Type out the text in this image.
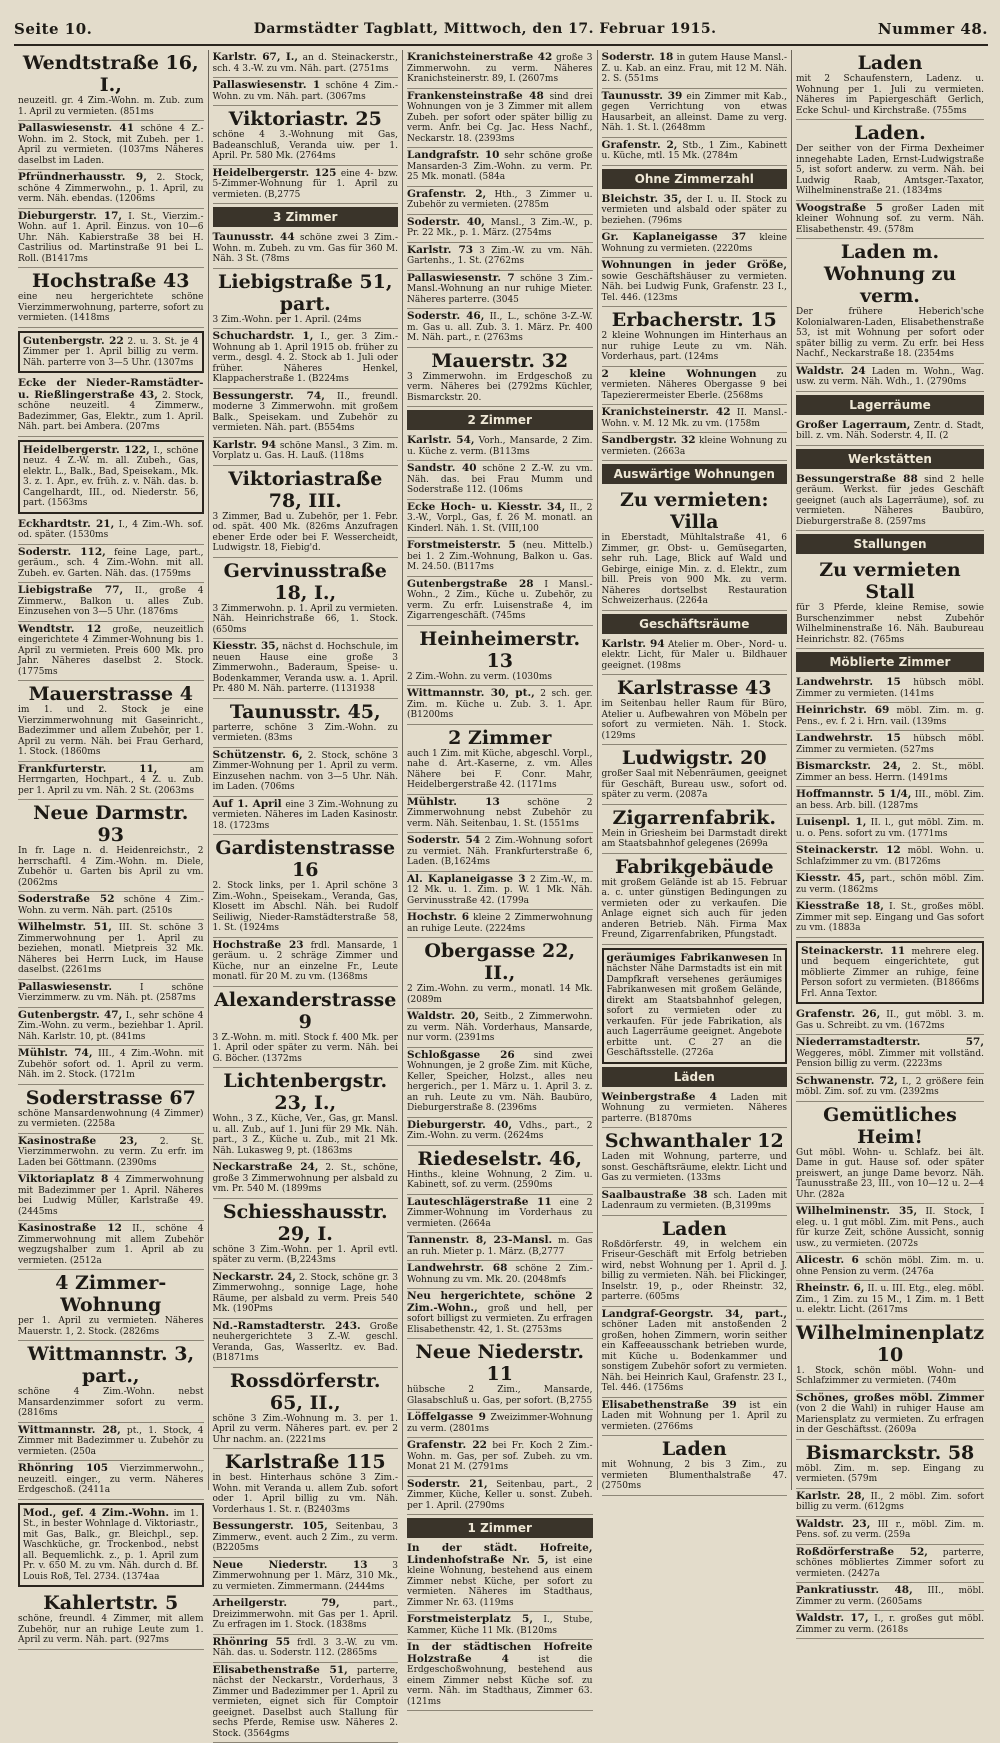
Seite 10.	Darmstädter Tagblatt, Mittwoch, den 17. Februar 1915.	Nummer 48.
Wendtstraße 16, I.,
neuzeitl. gr. 4 Zim.-Wohn. m. Zub. zum 1. April zu vermieten. (851ms
Pallaswiesenstr. 41 schöne 4 Z.-Wohn. im 2. Stock, mit Zubeh. per 1. April zu vermieten. (1037ms Näheres daselbst im Laden.
Pfründnerhausstr. 9, 2. Stock, schöne 4 Zimmerwohn., p. 1. April, zu verm. Näh. ebendas. (1206ms
Dieburgerstr. 17, I. St., Vierzim.-Wohn. auf 1. April. Einzus. von 10—6 Uhr. Näh. Kabierstraße 38 bei H. Castrilius od. Martinstraße 91 bei L. Roll. (B1417ms
Hochstraße 43
eine neu hergerichtete schöne Vierzimmerwohnung, parterre, sofort zu vermieten. (1418ms
Gutenbergstr. 22 2. u. 3. St. je 4 Zimmer per 1. April billig zu verm. Näh. parterre von 3—5 Uhr. (1307ms
Ecke der Nieder-Ramstädter- u. Rießlingerstraße 43, 2. Stock, schöne neuzeitl. 4 Zimmerw., Badezimmer, Gas, Elektr., zum 1. April. Näh. part. bei Ambera. (207ms
Heidelbergerstr. 122, I., schöne neuz. 4 Z.-W. m. all. Zubeh., Gas, elektr. L., Balk., Bad, Speisekam., Mk. 3. z. 1. Apr., ev. früh. z. v. Näh. das. b. Cangelhardt, III., od. Niederstr. 56, part. (1563ms
Eckhardtstr. 21, I., 4 Zim.-Wh. sof. od. später. (1530ms
Soderstr. 112, feine Lage, part., geräum., sch. 4 Zim.-Wohn. mit all. Zubeh. ev. Garten. Näh. das. (1759ms
Liebigstraße 77, II., große 4 Zimmerw., Balkon u. alles Zub. Einzusehen von 3—5 Uhr. (1876ms
Wendtstr. 12 große, neuzeitlich eingerichtete 4 Zimmer-Wohnung bis 1. April zu vermieten. Preis 600 Mk. pro Jahr. Näheres daselbst 2. Stock. (1775ms
Mauerstrasse 4
im 1. und 2. Stock je eine Vierzimmerwohnung mit Gaseinricht., Badezimmer und allem Zubehör, per 1. April zu verm. Näh. bei Frau Gerhard, 1. Stock. (1860ms
Frankfurterstr. 11, am Herrngarten, Hochpart., 4 Z. u. Zub. per 1. April zu vm. Näh. 2 St. (2063ms
Neue Darmstr. 93
In fr. Lage n. d. Heidenreichstr., 2 herrschaftl. 4 Zim.-Wohn. m. Diele, Zubehör u. Garten bis April zu vm. (2062ms
Soderstraße 52 schöne 4 Zim.-Wohn. zu verm. Näh. part. (2510s
Wilhelmstr. 51, III. St. schöne 3 Zimmerwohnung per 1. April zu beziehen, monatl. Mietpreis 32 Mk. Näheres bei Herrn Luck, im Hause daselbst. (2261ms
Pallaswiesenstr. I schöne Vierzimmerw. zu vm. Näh. pt. (2587ms
Gutenbergstr. 47, I., sehr schöne 4 Zim.-Wohn. zu verm., beziehbar 1. April. Näh. Karlstr. 10, pt. (841ms
Mühlstr. 74, III., 4 Zim.-Wohn. mit Zubehör sofort od. 1. April zu verm. Näh. im 2. Stock. (1721m
Soderstrasse 67
schöne Mansardenwohnung (4 Zimmer) zu vermieten. (2258a
Kasinostraße 23, 2. St. Vierzimmerwohn. zu verm. Zu erfr. im Laden bei Göttmann. (2390ms
Viktoriaplatz 8 4 Zimmerwohnung mit Badezimmer per 1. April. Näheres bei Ludwig Müller, Karlstraße 49. (2445ms
Kasinostraße 12 II., schöne 4 Zimmerwohnung mit allem Zubehör wegzugshalber zum 1. April ab zu vermieten. (2512a
4 Zimmer-Wohnung
per 1. April zu vermieten. Näheres Mauerstr. 1, 2. Stock. (2826ms
Wittmannstr. 3, part.,
schöne 4 Zim.-Wohn. nebst Mansardenzimmer sofort zu verm. (2816ms
Wittmannstr. 28, pt., 1. Stock, 4 Zimmer mit Badezimmer u. Zubehör zu vermieten. (250a
Rhönring 105 Vierzimmerwohn., neuzeitl. einger., zu verm. Näheres Erdgeschoß. (2411a
Mod., gef. 4 Zim.-Wohn. im 1. St., in bester Wohnlage d. Viktoriastr., mit Gas, Balk., gr. Bleichpl., sep. Waschküche, gr. Trockenbod., nebst all. Bequemlichk. z., p. 1. April zum Pr. v. 650 M. zu vm. Näh. durch d. Bf. Louis Roß, Tel. 2734. (1374aa
Kahlertstr. 5
schöne, freundl. 4 Zimmer, mit allem Zubehör, nur an ruhige Leute zum 1. April zu verm. Näh. part. (927ms
Karlstr. 67, I., an d. Steinackerstr., sch. 4 3.-W. zu vm. Näh. part. (2751ms
Pallaswiesenstr. 1 schöne 4 Zim.-Wohn. zu vm. Näh. part. (3067ms
Viktoriastr. 25
schöne 4 3.-Wohnung mit Gas, Badeanschluß, Veranda uiw. per 1. April. Pr. 580 Mk. (2764ms
Heidelbergerstr. 125 eine 4- bzw. 5-Zimmer-Wohnung für 1. April zu vermieten. (B,2775
3 Zimmer
Taunusstr. 44 schöne zwei 3 Zim.-Wohn. m. Zubeh. zu vm. Gas für 360 M. Näh. 3 St. (78ms
Liebigstraße 51, part.
3 Zim.-Wohn. per 1. April. (24ms
Schuchardstr. 1, I., ger. 3 Zim.-Wohnung ab 1. April 1915 ob. früher zu verm., desgl. 4. 2. Stock ab 1. Juli oder früher. Näheres Henkel, Klappacherstraße 1. (B224ms
Bessungerstr. 74, II., freundl. moderne 3 Zimmerwohn. mit großem Balk., Speisekam. und Zubehör zu vermieten. Näh. part. (B554ms
Karlstr. 94 schöne Mansl., 3 Zim. m. Vorplatz u. Gas. H. Lauß. (118ms
Viktoriastraße 78, III.
3 Zimmer, Bad u. Zubehör, per 1. Febr. od. spät. 400 Mk. (826ms Anzufragen ebener Erde oder bei F. Wessercheidt, Ludwigstr. 18, Fiebig'd.
Gervinusstraße 18, I.,
3 Zimmerwohn. p. 1. April zu vermieten. Näh. Heinrichstraße 66, 1. Stock. (650ms
Kiesstr. 35, nächst d. Hochschule, im neuen Hause eine große 3 Zimmerwohn., Baderaum, Speise- u. Bodenkammer, Veranda usw. a. 1. April. Pr. 480 M. Näh. parterre. (1131938
Taunusstr. 45,
parterre, schöne 3 Zim.-Wohn. zu vermieten. (83ms
Schützenstr. 6, 2. Stock, schöne 3 Zimmer-Wohnung per 1. April zu verm. Einzusehen nachm. von 3—5 Uhr. Näh. im Laden. (706ms
Auf 1. April eine 3 Zim.-Wohnung zu vermieten. Näheres im Laden Kasinostr. 18. (1723ms
Gardistenstrasse 16
2. Stock links, per 1. April schöne 3 Zim.-Wohn., Speisekam., Veranda, Gas, Klosett im Abschl. Näh. bei Rudolf Seiliwig, Nieder-Ramstädterstraße 58, 1. St. (1924ms
Hochstraße 23 frdl. Mansarde, 1 geräum. u. 2 schräge Zimmer und Küche, nur an einzelne Fr., Leute monatl. für 20 M. zu vm. (1368ms
Alexanderstrasse 9
3 Z.-Wohn. m. mitl. Stock f. 400 Mk. per 1. April oder später zu verm. Näh. bei G. Böcher. (1372ms
Lichtenbergstr. 23, I.,
Wohn., 3 Z., Küche, Ver., Gas, gr. Mansl. u. all. Zub., auf 1. Juni für 29 Mk. Näh. part., 3 Z., Küche u. Zub., mit 21 Mk. Näh. Lukasweg 9, pt. (1863ms
Neckarstraße 24, 2. St., schöne, große 3 Zimmerwohnung per alsbald zu vm. Pr. 540 M. (1899ms
Schiesshausstr. 29, I.
schöne 3 Zim.-Wohn. per 1. April evtl. später zu verm. (B,2243ms
Neckarstr. 24, 2. Stock, schöne gr. 3 Zimmerwohng., sonnige Lage, hohe Räume, per alsbald zu verm. Preis 540 Mk. (190Pms
Nd.-Ramstadterstr. 243. Große neuhergerichtete 3 Z.-W. geschl. Veranda, Gas, Wasserltz. ev. Bad. (B1871ms
Rossdörferstr. 65, II.,
schöne 3 Zim.-Wohnung m. 3. per 1. April zu verm. Näheres part. ev. per 2 Uhr nachm. an. (2221ms
Karlstraße 115
in best. Hinterhaus schöne 3 Zim.-Wohn. mit Veranda u. allem Zub. sofort oder 1. April billig zu vm. Näh. Vorderhaus 1. St. r. (B2403ms
Bessungerstr. 105, Seitenbau, 3 Zimmerw., event. auch 2 Zim., zu verm. (B2205ms
Neue Niederstr. 13 3 Zimmerwohnung per 1. März, 310 Mk., zu vermieten. Zimmermann. (2444ms
Arheilgerstr. 79, part., Dreizimmerwohn. mit Gas per 1. April. Zu erfragen im 1. Stock. (1838ms
Rhönring 55 frdl. 3 3.-W. zu vm. Näh. das. u. Soderstr. 112. (2865ms
Elisabethenstraße 51, parterre, nächst der Neckarstr., Vorderhaus, 3 Zimmer und Badezimmer per 1. April zu vermieten, eignet sich für Comptoir geeignet. Daselbst auch Stallung für sechs Pferde, Remise usw. Näheres 2. Stock. (3564gms
Kranichsteinerstraße 42 große 3 Zimmerwohn. zu verm. Näheres Kranichsteinerstr. 89, I. (2607ms
Frankensteinstraße 48 sind drei Wohnungen von je 3 Zimmer mit allem Zubeh. per sofort oder später billig zu verm. Anfr. bei Cg. Jac. Hess Nachf., Neckarstr. 18. (2393ms
Landgrafstr. 10 sehr schöne große Mansarden-3 Zim.-Wohn. zu verm. Pr. 25 Mk. monatl. (584a
Grafenstr. 2, Hth., 3 Zimmer u. Zubehör zu vermieten. (2785m
Soderstr. 40, Mansl., 3 Zim.-W., p. Pr. 22 Mk., p. 1. März. (2754ms
Karlstr. 73 3 Zim.-W. zu vm. Näh. Gartenhs., 1. St. (2762ms
Pallaswiesenstr. 7 schöne 3 Zim.-Mansl.-Wohnung an nur ruhige Mieter. Näheres parterre. (3045
Soderstr. 46, II., L., schöne 3-Z.-W. m. Gas u. all. Zub. 3. 1. März. Pr. 400 M. Näh. part., r. (2763ms
Mauerstr. 32
3 Zimmerwohn. im Erdgeschoß zu verm. Näheres bei (2792ms Küchler, Bismarckstr. 20.
2 Zimmer
Karlstr. 54, Vorh., Mansarde, 2 Zim. u. Küche z. verm. (B113ms
Sandstr. 40 schöne 2 Z.-W. zu vm. Näh. das. bei Frau Mumm und Soderstraße 112. (106ms
Ecke Hoch- u. Kiesstr. 34, II., 2 3.-W., Vorpl., Gas, f. 26 M. monatl. an Kinderl. Näh. 1. St. (VIII,100
Forstmeisterstr. 5 (neu. Mittelb.) bei 1. 2 Zim.-Wohnung, Balkon u. Gas. M. 24.50. (B117ms
Gutenbergstraße 28 I Mansl.-Wohn., 2 Zim., Küche u. Zubehör, zu verm. Zu erfr. Luisenstraße 4, im Zigarrengeschäft. (745ms
Heinheimerstr. 13
2 Zim.-Wohn. zu verm. (1030ms
Wittmannstr. 30, pt., 2 sch. ger. Zim. m. Küche u. Zub. 3. 1. Apr. (B1200ms
2 Zimmer
auch 1 Zim. mit Küche, abgeschl. Vorpl., nahe d. Art.-Kaserne, z. vm. Alles Nähere bei F. Conr. Mahr, Heidelbergerstraße 42. (1171ms
Mühlstr. 13 schöne 2 Zimmerwohnung nebst Zubehör zu verm. Näh. Seitenbau, 1. St. (1551ms
Soderstr. 54 2 Zim.-Wohnung sofort zu vermiet. Näh. Frankfurterstraße 6, Laden. (B,1624ms
Al. Kaplaneigasse 3 2 Zim.-W., m. 12 Mk. u. 1. Zim. p. W. 1 Mk. Näh. Gervinusstraße 42. (1799a
Hochstr. 6 kleine 2 Zimmerwohnung an ruhige Leute. (2224ms
Obergasse 22, II.,
2 Zim.-Wohn. zu verm., monatl. 14 Mk. (2089m
Waldstr. 20, Seitb., 2 Zimmerwohn. zu verm. Näh. Vorderhaus, Mansarde, nur vorm. (2391ms
Schloßgasse 26 sind zwei Wohnungen, je 2 große Zim. mit Küche, Keller, Speicher, Holzst., alles neu hergerich., per 1. März u. 1. April 3. z. an ruh. Leute zu vm. Näh. Baubüro, Dieburgerstraße 8. (2396ms
Dieburgerstr. 40, Vdhs., part., 2 Zim.-Wohn. zu verm. (2624ms
Riedeselstr. 46,
Hinths., kleine Wohnung, 2 Zim. u. Kabinett, sof. zu verm. (2590ms
Lauteschlägerstraße 11 eine 2 Zimmer-Wohnung im Vorderhaus zu vermieten. (2664a
Tannenstr. 8, 23-Mansl. m. Gas an ruh. Mieter p. 1. März. (B,2777
Landwehrstr. 68 schöne 2 Zim.-Wohnung zu vm. Mk. 20. (2048mfs
Neu hergerichtete, schöne 2 Zim.-Wohn., groß und hell, per sofort billigst zu vermieten. Zu erfragen Elisabethenstr. 42, 1. St. (2753ms
Neue Niederstr. 11
hübsche 2 Zim., Mansarde, Glasabschluß u. Gas, per sofort. (B,2755
Löffelgasse 9 Zweizimmer-Wohnung zu verm. (2801ms
Grafenstr. 22 bei Fr. Koch 2 Zim.-Wohn. m. Gas, per sof. Zubeh. zu vm. Monat 21 M. (2791ms
Soderstr. 21, Seitenbau, part., 2 Zimmer, Küche, Keller u. sonst. Zubeh. per 1. April. (2790ms
1 Zimmer
In der städt. Hofreite, Lindenhofstraße Nr. 5, ist eine kleine Wohnung, bestehend aus einem Zimmer nebst Küche, per sofort zu vermieten. Näheres im Stadthaus, Zimmer Nr. 63. (119ms
Forstmeisterplatz 5, I., Stube, Kammer, Küche 11 Mk. (B120ms
In der städtischen Hofreite Holzstraße 4 ist die Erdgeschoßwohnung, bestehend aus einem Zimmer nebst Küche sof. zu verm. Näh. im Stadthaus, Zimmer 63. (121ms
Soderstr. 18 in gutem Hause Mansl.-Z. u. Kab. an einz. Frau, mit 12 M. Näh. 2. S. (551ms
Taunusstr. 39 ein Zimmer mit Kab., gegen Verrichtung von etwas Hausarbeit, an alleinst. Dame zu verg. Näh. 1. St. l. (2648mm
Grafenstr. 2, Stb., 1 Zim., Kabinett u. Küche, mtl. 15 Mk. (2784m
Ohne Zimmerzahl
Bleichstr. 35, der I. u. II. Stock zu vermieten und alsbald oder später zu beziehen. (796ms
Gr. Kaplaneigasse 37 kleine Wohnung zu vermieten. (2220ms
Wohnungen in jeder Größe, sowie Geschäftshäuser zu vermieten. Näh. bei Ludwig Funk, Grafenstr. 23 I., Tel. 446. (123ms
Erbacherstr. 15
2 kleine Wohnungen im Hinterhaus an nur ruhige Leute zu vm. Näh. Vorderhaus, part. (124ms
2 kleine Wohnungen zu vermieten. Näheres Obergasse 9 bei Tapezierermeister Eberle. (2568ms
Kranichsteinerstr. 42 II. Mansl.-Wohn. v. M. 12 Mk. zu vm. (1758m
Sandbergstr. 32 kleine Wohnung zu vermieten. (2663a
Auswärtige Wohnungen
Zu vermieten: Villa
in Eberstadt, Mühltalstraße 41, 6 Zimmer, gr. Obst- u. Gemüsegarten, sehr ruh. Lage, Blick auf Wald und Gebirge, einige Min. z. d. Elektr., zum bill. Preis von 900 Mk. zu verm. Näheres dortselbst Restauration Schweizerhaus. (2264a
Geschäftsräume
Karlstr. 94 Atelier m. Ober-, Nord- u. elektr. Licht, für Maler u. Bildhauer geeignet. (198ms
Karlstrasse 43
im Seitenbau heller Raum für Büro, Atelier u. Aufbewahren von Möbeln per sofort zu vermieten. Näh. 1. Stock. (129ms
Ludwigstr. 20
großer Saal mit Nebenräumen, geeignet für Geschäft, Bureau usw., sofort od. später zu verm. (2087a
Zigarrenfabrik.
Mein in Griesheim bei Darmstadt direkt am Staatsbahnhof gelegenes (2699a
Fabrikgebäude
mit großem Gelände ist ab 15. Februar a. c. unter günstigen Bedingungen zu vermieten oder zu verkaufen. Die Anlage eignet sich auch für jeden anderen Betrieb. Näh. Firma Max Freund, Zigarrenfabriken, Pfungstadt.
geräumiges Fabrikanwesen In nächster Nähe Darmstadts ist ein mit Dampfkraft versehenes geräumiges Fabrikanwesen mit großem Gelände, direkt am Staatsbahnhof gelegen, sofort zu vermieten oder zu verkaufen. Für jede Fabrikation, als auch Lagerräume geeignet. Angebote erbitte unt. C 27 an die Geschäftsstelle. (2726a
Läden
Weinbergstraße 4 Laden mit Wohnung zu vermieten. Näheres parterre. (B1870ms
Schwanthaler 12
Laden mit Wohnung, parterre, und sonst. Geschäftsräume, elektr. Licht und Gas zu vermieten. (133ms
Saalbaustraße 38 sch. Laden mit Ladenraum zu vermieten. (B,3199ms
Laden
Roßdörferstr. 49, in welchem ein Friseur-Geschäft mit Erfolg betrieben wird, nebst Wohnung per 1. April d. J. billig zu vermieten. Näh. bei Flickinger, Inselstr. 19, p., oder Rheinstr. 32, parterre. (605ms
Landgraf-Georgstr. 34, part., schöner Laden mit anstoßenden 2 großen, hohen Zimmern, worin seither ein Kaffeeausschank betrieben wurde, mit Küche u. Bodenkammer und sonstigem Zubehör sofort zu vermieten. Näh. bei Heinrich Kaul, Grafenstr. 23 I., Tel. 446. (1756ms
Elisabethenstraße 39 ist ein Laden mit Wohnung per 1. April zu vermieten. (2766ms
Laden
mit Wohnung, 2 bis 3 Zim., zu vermieten Blumenthalstraße 47. (2750ms
Laden
mit 2 Schaufenstern, Ladenz. u. Wohnung per 1. Juli zu vermieten. Näheres im Papiergeschäft Gerlich, Ecke Schul- und Kirchstraße. (755ms
Laden.
Der seither von der Firma Dexheimer innegehabte Laden, Ernst-Ludwigstraße 5, ist sofort anderw. zu verm. Näh. bei Ludwig Raab, Amtsger.-Taxator, Wilhelminenstraße 21. (1834ms
Woogstraße 5 großer Laden mit kleiner Wohnung sof. zu verm. Näh. Elisabethenstr. 49. (578m
Laden m. Wohnung zu verm.
Der frühere Heberich'sche Kolonialwaren-Laden, Elisabethenstraße 53, ist mit Wohnung per sofort oder später billig zu verm. Zu erfr. bei Hess Nachf., Neckarstraße 18. (2354ms
Waldstr. 24 Laden m. Wohn., Wag. usw. zu verm. Näh. Wdh., 1. (2790ms
Lagerräume
Großer Lagerraum, Zentr. d. Stadt, bill. z. vm. Näh. Soderstr. 4, II. (2
Werkstätten
Bessungerstraße 88 sind 2 helle geräum. Werkst. für jedes Geschäft geeignet (auch als Lagerräume), sof. zu vermieten. Näheres Baubüro, Dieburgerstraße 8. (2597ms
Stallungen
Zu vermieten Stall
für 3 Pferde, kleine Remise, sowie Burschenzimmer nebst Zubehör Wilhelminenstraße 16. Näh. Baubureau Heinrichstr. 82. (765ms
Möblierte Zimmer
Landwehrstr. 15 hübsch möbl. Zimmer zu vermieten. (141ms
Heinrichstr. 69 möbl. Zim. m. g. Pens., ev. f. 2 i. Hrn. vail. (139ms
Landwehrstr. 15 hübsch möbl. Zimmer zu vermieten. (527ms
Bismarckstr. 24, 2. St., möbl. Zimmer an bess. Herrn. (1491ms
Hoffmannstr. 5 1/4, III., möbl. Zim. an bess. Arb. bill. (1287ms
Luisenpl. 1, II. l., gut möbl. Zim. m. u. o. Pens. sofort zu vm. (1771ms
Steinackerstr. 12 möbl. Wohn. u. Schlafzimmer zu vm. (B1726ms
Kiesstr. 45, part., schön möbl. Zim. zu verm. (1862ms
Kiesstraße 18, I. St., großes möbl. Zimmer mit sep. Eingang und Gas sofort zu vm. (1883a
Steinackerstr. 11 mehrere eleg. und bequem eingerichtete, gut möblierte Zimmer an ruhige, feine Person sofort zu vermieten. (B1866ms Frl. Anna Textor.
Grafenstr. 26, II., gut möbl. 3. m. Gas u. Schreibt. zu vm. (1672ms
Niederramstadterstr. 57, Weggeres, möbl. Zimmer mit vollständ. Pension billig zu verm. (2223ms
Schwanenstr. 72, I., 2 größere fein möbl. Zim. sof. zu vm. (2392ms
Gemütliches Heim!
Gut möbl. Wohn- u. Schlafz. bei ält. Dame in gut. Hause sof. oder später preiswert, an junge Dame bevorz. Näh. Taunusstraße 23, III., von 10—12 u. 2—4 Uhr. (282a
Wilhelminenstr. 35, II. Stock, I eleg. u. 1 gut möbl. Zim. mit Pens., auch für kurze Zeit, schöne Aussicht, sonnig usw., zu vermieten. (2072s
Alicestr. 6 schön möbl. Zim. m. u. ohne Pension zu verm. (2476a
Rheinstr. 6, II. u. III. Etg., eleg. möbl. Zim., 1 Zim. zu 15 M., 1 Zim. m. 1 Bett u. elektr. Licht. (2617ms
Wilhelminenplatz 10
1. Stock, schön möbl. Wohn- und Schlafzimmer zu vermieten. (740m
Schönes, großes möbl. Zimmer (von 2 die Wahl) in ruhiger Hause am Mariensplatz zu vermieten. Zu erfragen in der Geschäftsst. (2609a
Bismarckstr. 58
möbl. Zim. m. sep. Eingang zu vermieten. (579m
Karlstr. 28, II., 2 möbl. Zim. sofort billig zu verm. (612gms
Waldstr. 23, III r., möbl. Zim. m. Pens. sof. zu verm. (259a
Roßdörferstraße 52, parterre, schönes möbliertes Zimmer sofort zu vermieten. (2427a
Pankratiusstr. 48, III., möbl. Zimmer zu verm. (2605ams
Waldstr. 17, I., r. großes gut möbl. Zimmer zu verm. (2618s
